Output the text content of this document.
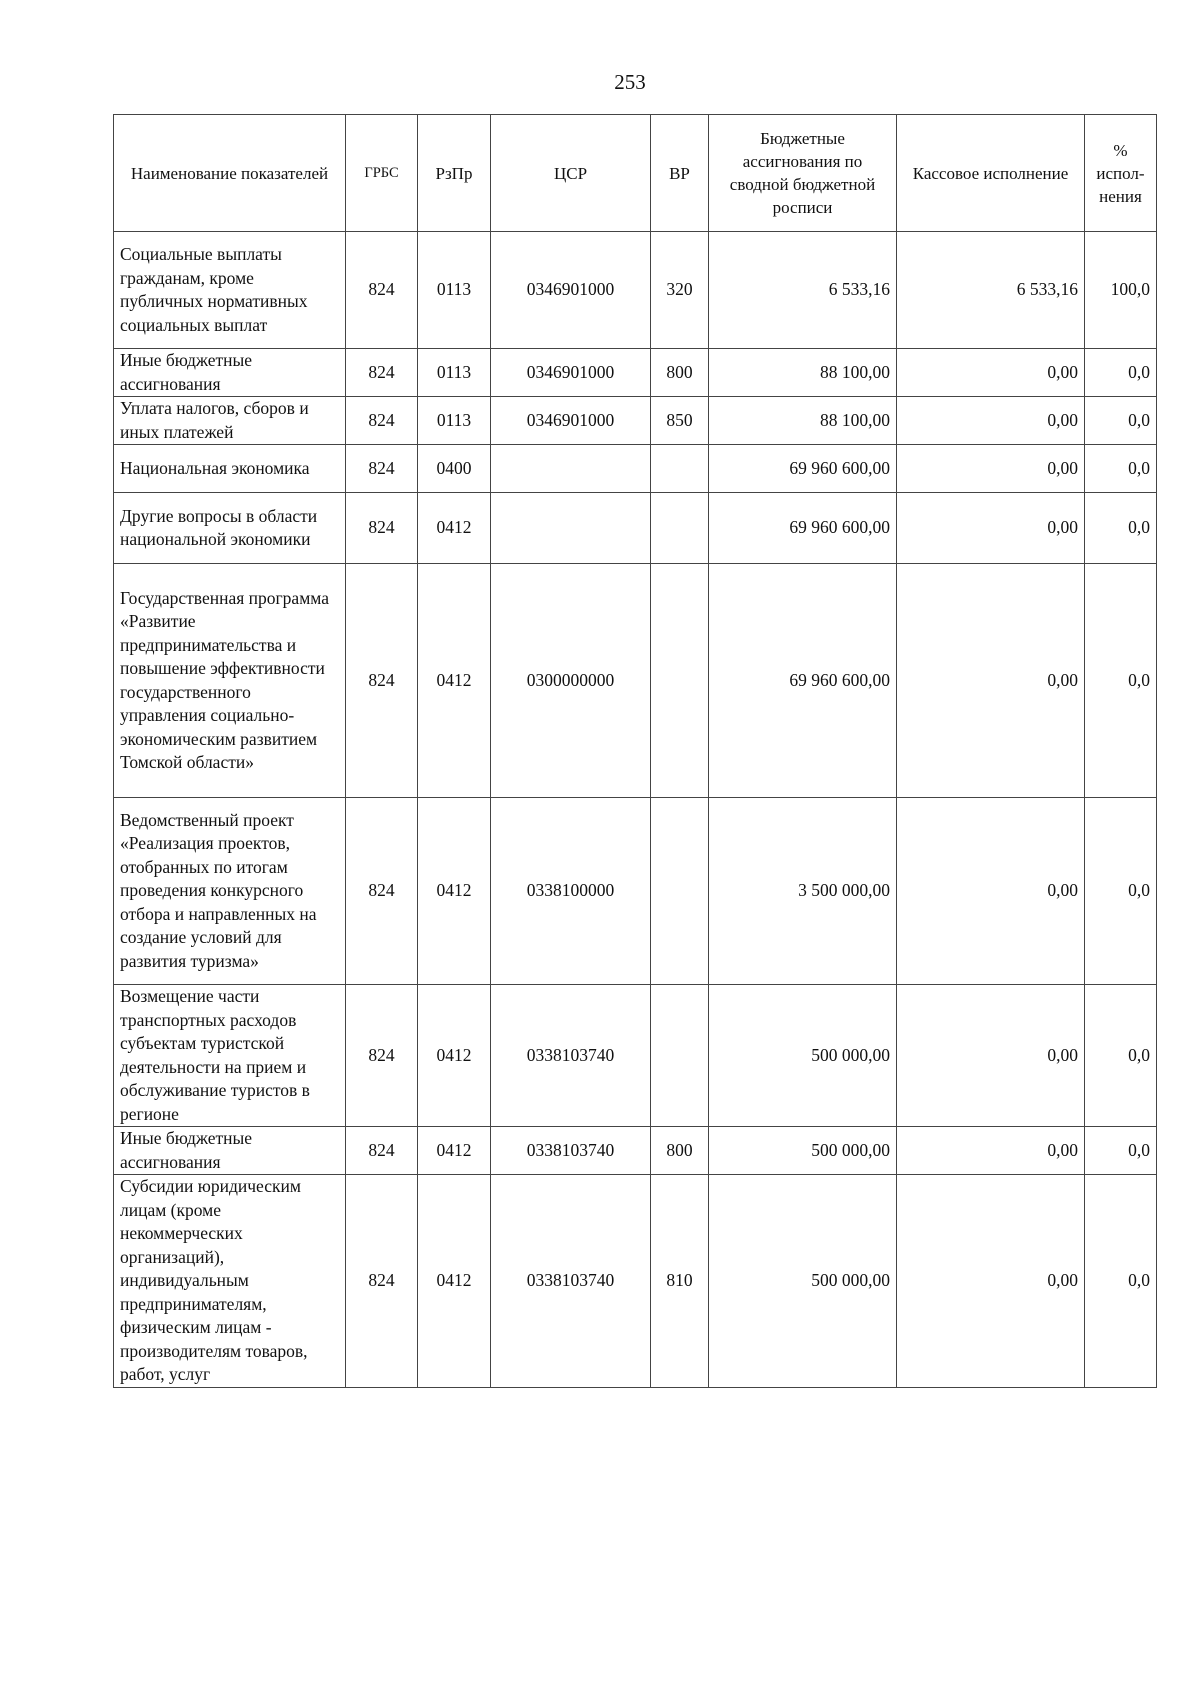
253
Наименование показателей	ГРБС	РзПр	ЦСР	ВР	Бюджетные ассигнования по сводной бюджетной росписи	Кассовое исполнение	% испол-нения
Социальные выплаты гражданам, кроме публичных нормативных социальных выплат	824	0113	0346901000	320	6 533,16	6 533,16	100,0
Иные бюджетные ассигнования	824	0113	0346901000	800	88 100,00	0,00	0,0
Уплата налогов, сборов и иных платежей	824	0113	0346901000	850	88 100,00	0,00	0,0
Национальная экономика	824	0400			69 960 600,00	0,00	0,0
Другие вопросы в области национальной экономики	824	0412			69 960 600,00	0,00	0,0
Государственная программа «Развитие предпринимательства и повышение эффективности государственного управления социально-экономическим развитием Томской области»	824	0412	0300000000		69 960 600,00	0,00	0,0
Ведомственный проект «Реализация проектов, отобранных по итогам проведения конкурсного отбора и направленных на создание условий для развития туризма»	824	0412	0338100000		3 500 000,00	0,00	0,0
Возмещение части транспортных расходов субъектам туристской деятельности на прием и обслуживание туристов в регионе	824	0412	0338103740		500 000,00	0,00	0,0
Иные бюджетные ассигнования	824	0412	0338103740	800	500 000,00	0,00	0,0
Субсидии юридическим лицам (кроме некоммерческих организаций), индивидуальным предпринимателям, физическим лицам - производителям товаров, работ, услуг	824	0412	0338103740	810	500 000,00	0,00	0,0
